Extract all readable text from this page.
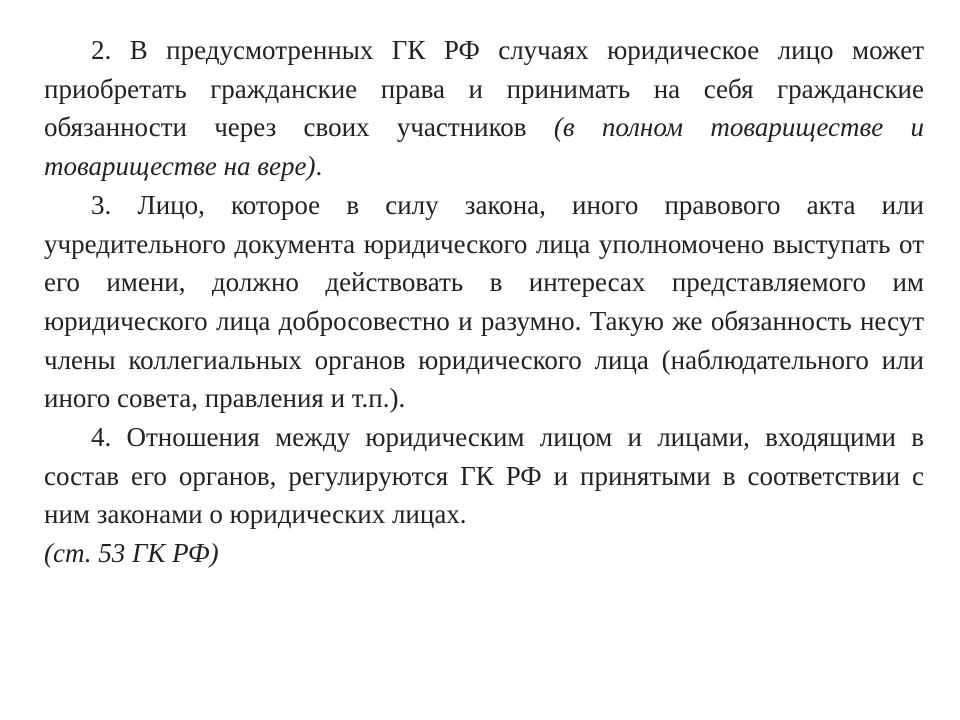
2. В предусмотренных ГК РФ случаях юридическое лицо может приобретать гражданские права и принимать на себя гражданские обязанности через своих участников (в полном товариществе и товариществе на вере).

3. Лицо, которое в силу закона, иного правового акта или учредительного документа юридического лица уполномочено выступать от его имени, должно действовать в интересах представляемого им юридического лица добросовестно и разумно. Такую же обязанность несут члены коллегиальных органов юридического лица (наблюдательного или иного совета, правления и т.п.).

4. Отношения между юридическим лицом и лицами, входящими в состав его органов, регулируются ГК РФ и принятыми в соответствии с ним законами о юридических лицах.

(ст. 53 ГК РФ)
